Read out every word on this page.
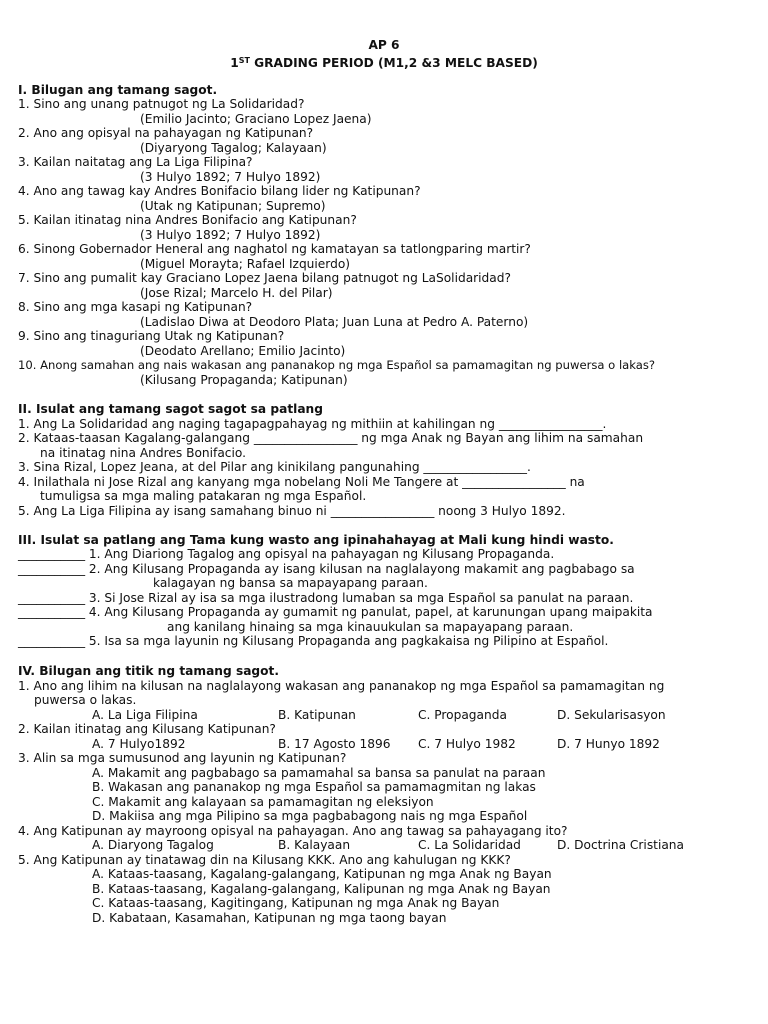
AP 6
1ST GRADING PERIOD (M1,2 &3 MELC BASED)
I. Bilugan ang tamang sagot.
1. Sino ang unang patnugot ng La Solidaridad?
(Emilio Jacinto; Graciano Lopez Jaena)
2. Ano ang opisyal na pahayagan ng Katipunan?
(Diyaryong Tagalog; Kalayaan)
3. Kailan naitatag ang La Liga Filipina?
(3 Hulyo 1892; 7 Hulyo 1892)
4. Ano ang tawag kay Andres Bonifacio bilang lider ng Katipunan?
(Utak ng Katipunan; Supremo)
5. Kailan itinatag nina Andres Bonifacio ang Katipunan?
(3 Hulyo 1892; 7 Hulyo 1892)
6. Sinong Gobernador Heneral ang naghatol ng kamatayan sa tatlongparing martir?
(Miguel Morayta; Rafael Izquierdo)
7. Sino ang pumalit kay Graciano Lopez Jaena bilang patnugot ng LaSolidaridad?
(Jose Rizal; Marcelo H. del Pilar)
8. Sino ang mga kasapi ng Katipunan?
(Ladislao Diwa at Deodoro Plata; Juan Luna at Pedro A. Paterno)
9. Sino ang tinaguriang Utak ng Katipunan?
(Deodato Arellano; Emilio Jacinto)
10. Anong samahan ang nais wakasan ang pananakop ng mga Español sa pamamagitan ng puwersa o lakas?
(Kilusang Propaganda; Katipunan)
II. Isulat ang tamang sagot sagot sa patlang
1. Ang La Solidaridad ang naging tagapagpahayag ng mithiin at kahilingan ng _________________.
2. Kataas-taasan Kagalang-galangang _________________ ng mga Anak ng Bayan ang lihim na samahan
na itinatag nina Andres Bonifacio.
3. Sina Rizal, Lopez Jeana, at del Pilar ang kinikilang pangunahing _________________.
4. Inilathala ni Jose Rizal ang kanyang mga nobelang Noli Me Tangere at _________________ na
tumuligsa sa mga maling patakaran ng mga Español.
5. Ang La Liga Filipina ay isang samahang binuo ni _________________ noong 3 Hulyo 1892.
III. Isulat sa patlang ang Tama kung wasto ang ipinahahayag at Mali kung hindi wasto.
___________ 1. Ang Diariong Tagalog ang opisyal na pahayagan ng Kilusang Propaganda.
___________ 2. Ang Kilusang Propaganda ay isang kilusan na naglalayong makamit ang pagbabago sa
kalagayan ng bansa sa mapayapang paraan.
___________ 3. Si Jose Rizal ay isa sa mga ilustradong lumaban sa mga Español sa panulat na paraan.
___________ 4. Ang Kilusang Propaganda ay gumamit ng panulat, papel, at karunungan upang maipakita
ang kanilang hinaing sa mga kinauukulan sa mapayapang paraan.
___________ 5. Isa sa mga layunin ng Kilusang Propaganda ang pagkakaisa ng Pilipino at Español.
IV. Bilugan ang titik ng tamang sagot.
1. Ano ang lihim na kilusan na naglalayong wakasan ang pananakop ng mga Español sa pamamagitan ng
puwersa o lakas.
A. La Liga Filipina	B. Katipunan	C. Propaganda	D. Sekularisasyon
2. Kailan itinatag ang Kilusang Katipunan?
A. 7 Hulyo1892	B. 17 Agosto 1896 C. 7 Hulyo 1982	D. 7 Hunyo 1892
3. Alin sa mga sumusunod ang layunin ng Katipunan?
A. Makamit ang pagbabago sa pamamahal sa bansa sa panulat na paraan
B. Wakasan ang pananakop ng mga Español sa pamamagmitan ng lakas
C. Makamit ang kalayaan sa pamamagitan ng eleksiyon
D. Makiisa ang mga Pilipino sa mga pagbabagong nais ng mga Español
4. Ang Katipunan ay mayroong opisyal na pahayagan. Ano ang tawag sa pahayagang ito?
A. Diaryong Tagalog	B. Kalayaan	C. La Solidaridad	D. Doctrina Cristiana
5. Ang Katipunan ay tinatawag din na Kilusang KKK. Ano ang kahulugan ng KKK?
A. Kataas-taasang, Kagalang-galangang, Katipunan ng mga Anak ng Bayan
B. Kataas-taasang, Kagalang-galangang, Kalipunan ng mga Anak ng Bayan
C. Kataas-taasang, Kagitingang, Katipunan ng mga Anak ng Bayan
D. Kabataan, Kasamahan, Katipunan ng mga taong bayan
